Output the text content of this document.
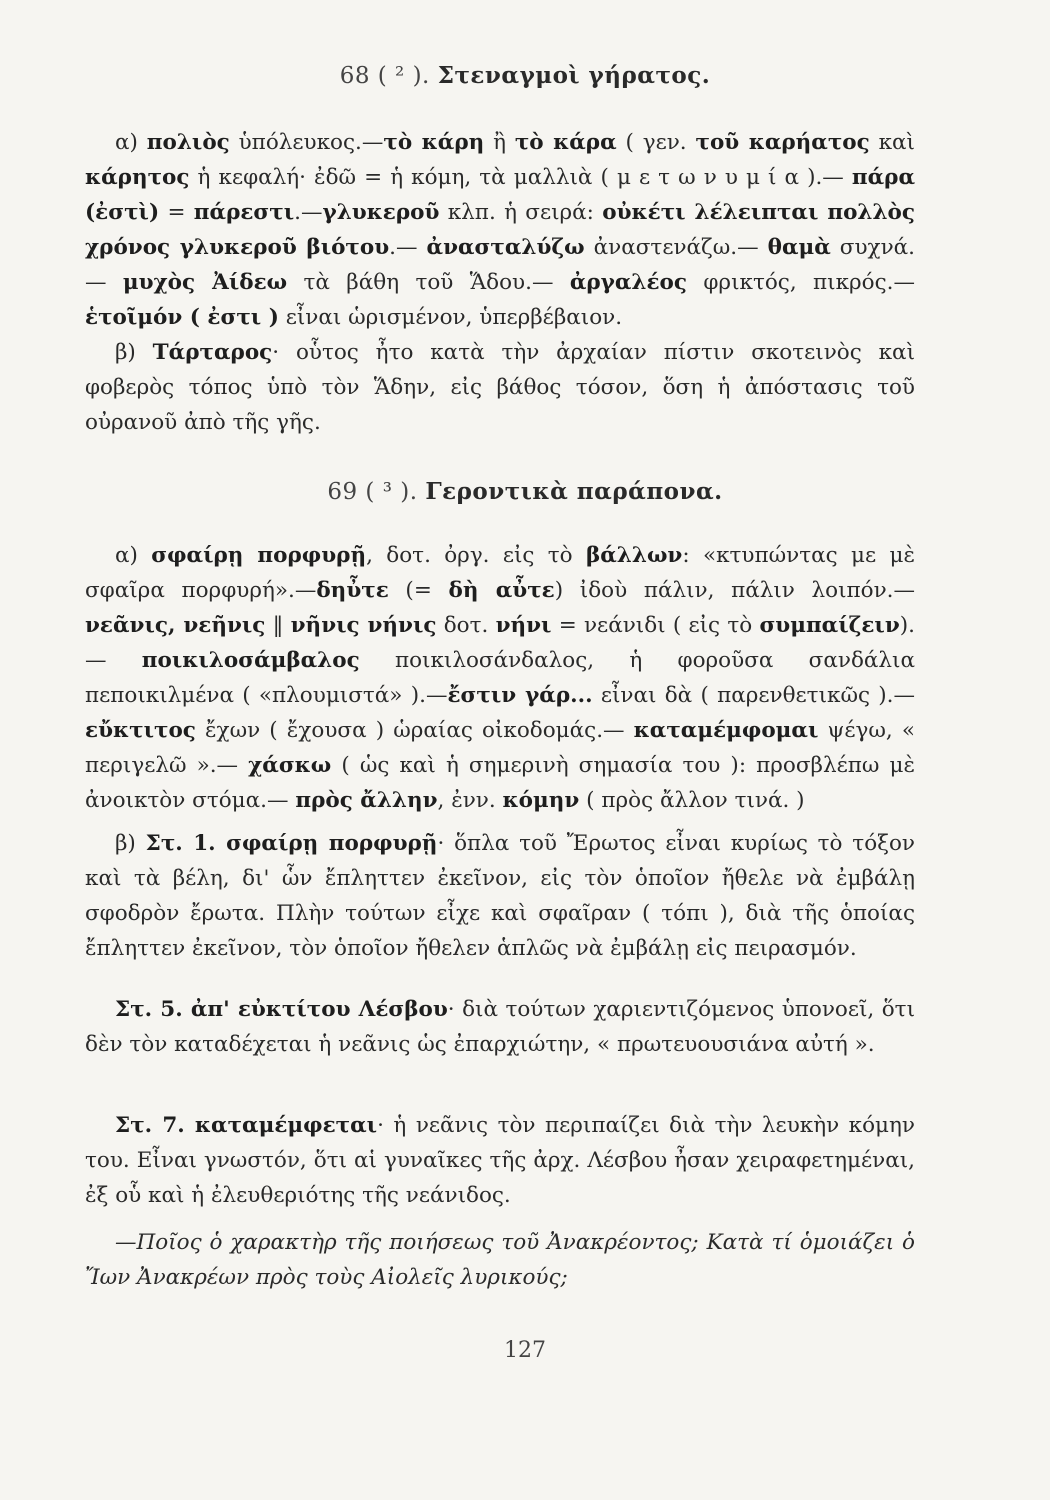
68 ( ² ). Στεναγμοὶ γήρατος.
α) πολιὸς ὑπόλευκος.—τὸ κάρη ἢ τὸ κάρα ( γεν. τοῦ καρήατος καὶ κάρητος ἡ κεφαλή· ἐδῶ = ἡ κόμη, τὰ μαλλιὰ ( μ ε τ ω ν υ μ ί α ).— πάρα (ἐστὶ) = πάρεστι.—γλυκεροῦ κλπ. ἡ σειρά: οὐκέτι λέλειπται πολλὸς χρόνος γλυκεροῦ βιότου.— ἀνασταλύζω ἀναστενάζω.— θαμὰ συχνά.— μυχὸς Ἀίδεω τὰ βάθη τοῦ Ἅδου.— ἀργαλέος φρικτός, πικρός.— ἑτοῖμόν ( ἐστι ) εἶναι ὡρισμένον, ὑπερβέβαιον.
β) Τάρταρος· οὗτος ἦτο κατὰ τὴν ἀρχαίαν πίστιν σκοτεινὸς καὶ φοβερὸς τόπος ὑπὸ τὸν Ἅδην, εἰς βάθος τόσον, ὅση ἡ ἀπόστασις τοῦ οὐρανοῦ ἀπὸ τῆς γῆς.
69 ( ³ ). Γεροντικὰ παράπονα.
α) σφαίρῃ πορφυρῇ, δοτ. ὀργ. εἰς τὸ βάλλων: «κτυπώντας με μὲ σφαῖρα πορφυρή».—δηὖτε (= δὴ αὖτε) ἰδοὺ πάλιν, πάλιν λοιπόν.— νεᾶνις, νεῆνις ‖ νῆνις νήνις δοτ. νήνι = νεάνιδι ( εἰς τὸ συμπαίζειν).— ποικιλοσάμβαλος ποικιλοσάνδαλος, ἡ φοροῦσα σανδάλια πεποικιλμένα ( «πλουμιστά» ).—ἔστιν γάρ... εἶναι δὰ ( παρενθετικῶς ).— εὔκτιτος ἔχων ( ἔχουσα ) ὡραίας οἰκοδομάς.— καταμέμφομαι ψέγω, « περιγελῶ ».— χάσκω ( ὡς καὶ ἡ σημερινὴ σημασία του ): προσβλέπω μὲ ἀνοικτὸν στόμα.— πρὸς ἄλλην, ἐνν. κόμην ( πρὸς ἄλλον τινά. )
β) Στ. 1. σφαίρῃ πορφυρῇ· ὅπλα τοῦ Ἔρωτος εἶναι κυρίως τὸ τόξον καὶ τὰ βέλη, δι' ὧν ἔπληττεν ἐκεῖνον, εἰς τὸν ὁποῖον ἤθελε νὰ ἐμβάλῃ σφοδρὸν ἔρωτα. Πλὴν τούτων εἶχε καὶ σφαῖραν ( τόπι ), διὰ τῆς ὁποίας ἔπληττεν ἐκεῖνον, τὸν ὁποῖον ἤθελεν ἁπλῶς νὰ ἐμβάλῃ εἰς πειρασμόν.
Στ. 5. ἀπ' εὐκτίτου Λέσβου· διὰ τούτων χαριεντιζόμενος ὑπονοεῖ, ὅτι δὲν τὸν καταδέχεται ἡ νεᾶνις ὡς ἐπαρχιώτην, « πρωτευουσιάνα αὐτή ».
Στ. 7. καταμέμφεται· ἡ νεᾶνις τὸν περιπαίζει διὰ τὴν λευκὴν κόμην του. Εἶναι γνωστόν, ὅτι αἱ γυναῖκες τῆς ἀρχ. Λέσβου ἦσαν χειραφετημέναι, ἐξ οὗ καὶ ἡ ἐλευθεριότης τῆς νεάνιδος.
—Ποῖος ὁ χαρακτὴρ τῆς ποιήσεως τοῦ Ἀνακρέοντος; Κατὰ τί ὁμοιάζει ὁ Ἴων Ἀνακρέων πρὸς τοὺς Αἰολεῖς λυρικούς;
127
